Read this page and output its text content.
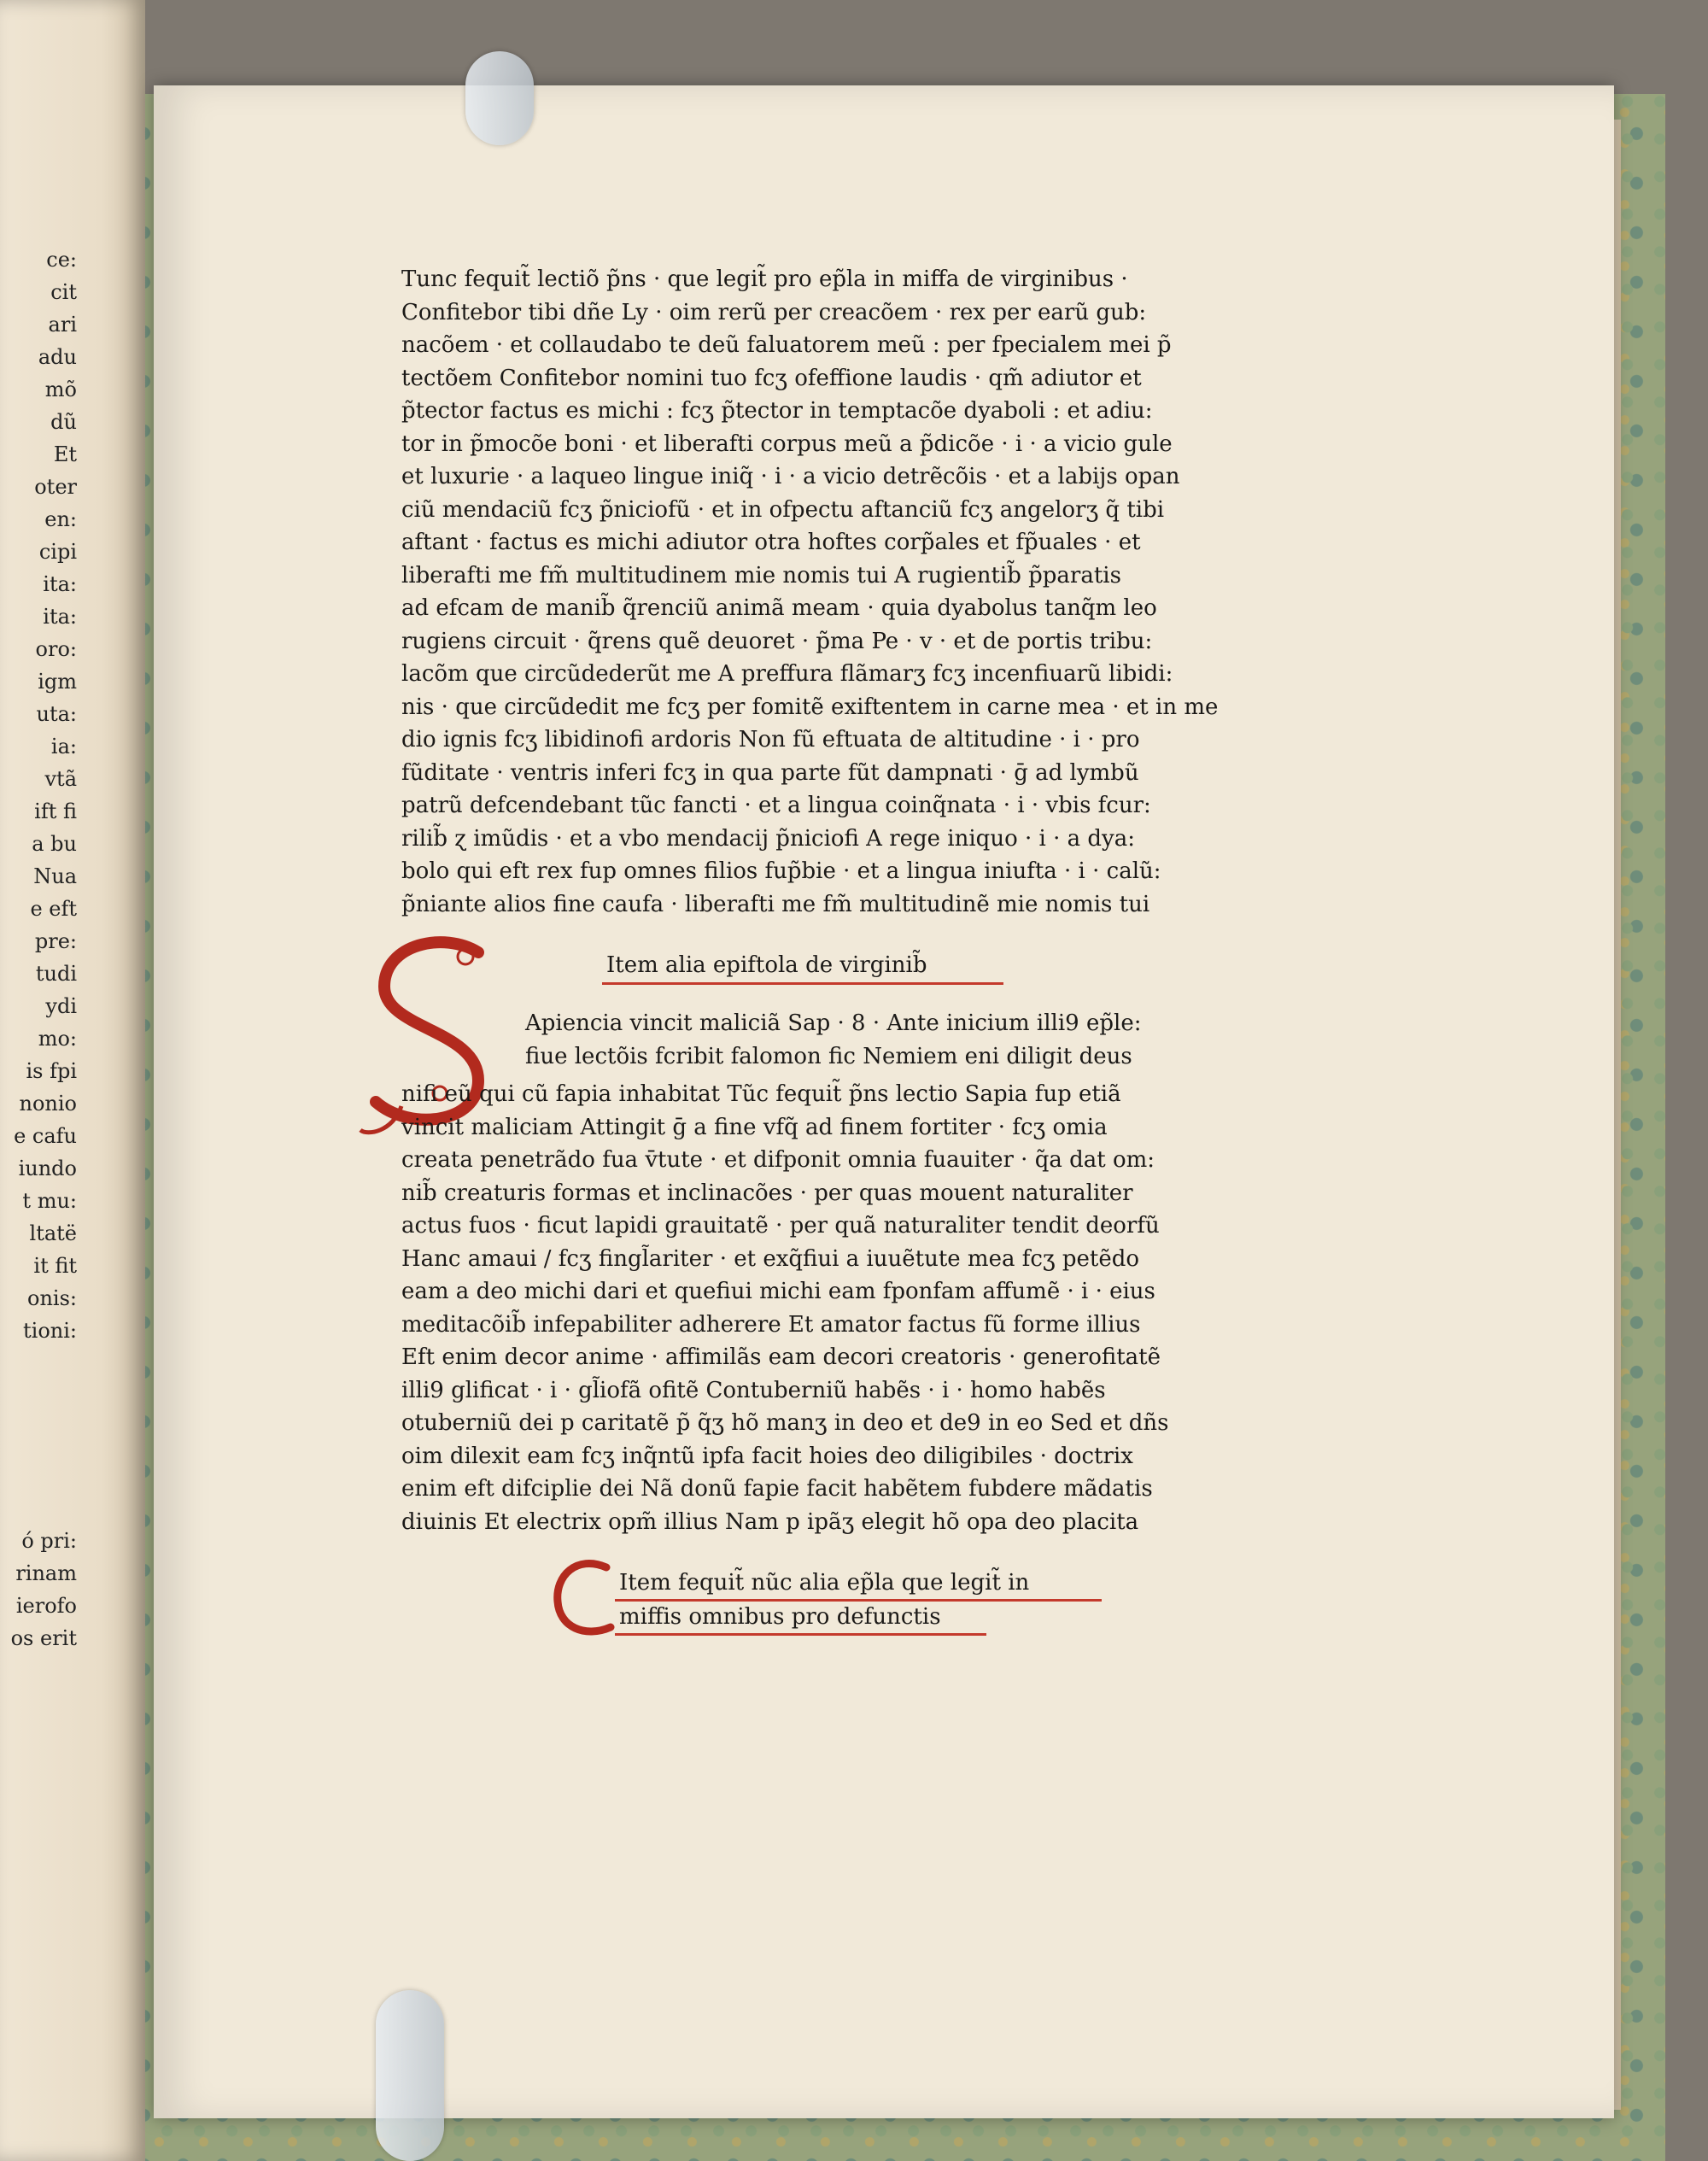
ce:
cit
ari
adu
mõ
dũ
Et
oter
en:
cipi
ita:
ita:
oro:
igm
uta:
ia:
vtã
ift fi
a bu
Nua
e eft
pre:
tudi
ydi
mo:
is fpi
nonio
e cafu
iundo
t mu:
ltatë
it fit
onis:
tioni:
ó pri:
rinam
ierofo
os erit
Tunc fequit̃ lectiõ p̃ns · que legit̃ pro ep̃la in miffa de virginibus ·
Confitebor tibi dñe Ly · oim rerũ per creacõem · rex per earũ gub:
nacõem · et collaudabo te deũ faluatorem meũ : per fpecialem mei p̃
tectõem Confitebor nomini tuo fcʒ ofeffione laudis · qm̃ adiutor et
p̃tector factus es michi : fcʒ p̃tector in temptacõe dyaboli : et adiu:
tor in p̃mocõe boni · et liberafti corpus meũ a p̃dicõe · i · a vicio gule
et luxurie · a laqueo lingue iniq̃ · i · a vicio detrẽcõis · et a labijs opan
ciũ mendaciũ fcʒ p̃niciofũ · et in ofpectu aftanciũ fcʒ angelorʒ q̃ tibi
aftant · factus es michi adiutor otra hoftes corp̃ales et fp̃uales · et
liberafti me fm̃ multitudinem mie nomis tui A rugientib̃ p̃paratis
ad efcam de manib̃ q̃renciũ animã meam · quia dyabolus tanq̃m leo
rugiens circuit · q̃rens quẽ deuoret · p̃ma Pe · v · et de portis tribu:
lacõm que circũdederũt me A preffura flãmarʒ fcʒ incenfiuarũ libidi:
nis · que circũdedit me fcʒ per fomitẽ exiftentem in carne mea · et in me
dio ignis fcʒ libidinofi ardoris Non fũ eftuata de altitudine · i · pro
fũditate · ventris inferi fcʒ in qua parte fũt dampnati · ḡ ad lymbũ
patrũ defcendebant tũc fancti · et a lingua coinq̃nata · i · vbis fcur:
rilib̃ ɀ imũdis · et a vbo mendacij p̃niciofi A rege iniquo · i · a dya:
bolo qui eft rex fup omnes filios fup̃bie · et a lingua iniufta · i · calũ:
p̃niante alios fine caufa · liberafti me fm̃ multitudinẽ mie nomis tui
Item alia epiftola de virginib̃
Apiencia vincit maliciã Sap · 8 · Ante inicium illi9 ep̃le:
fiue lectõis fcribit falomon fic Nemiem eni diligit deus
nifi eũ qui cũ fapia inhabitat Tũc fequit̃ p̃ns lectio Sapia fup etiã
vincit maliciam Attingit ḡ a fine vfq̃ ad finem fortiter · fcʒ omia
creata penetrãdo fua v̄tute · et difponit omnia fuauiter · q̃a dat om:
nib̃ creaturis formas et inclinacões · per quas mouent naturaliter
actus fuos · ficut lapidi grauitatẽ · per quã naturaliter tendit deorfũ
Hanc amaui / fcʒ fingl̃ariter · et exq̃fiui a iuuẽtute mea fcʒ petẽdo
eam a deo michi dari et quefiui michi eam fponfam affumẽ · i · eius
meditacõib̃ infepabiliter adherere Et amator factus fũ forme illius
Eft enim decor anime · affimilãs eam decori creatoris · generofitatẽ
illi9 glificat · i · gl̃iofã ofitẽ Contuberniũ habẽs · i · homo habẽs
otuberniũ dei p caritatẽ p̃ q̃ʒ hõ manʒ in deo et de9 in eo Sed et dñs
oim dilexit eam fcʒ inq̃ntũ ipfa facit hoies deo diligibiles · doctrix
enim eft difciplie dei Nã donũ fapie facit habẽtem fubdere mãdatis
diuinis Et electrix opm̃ illius Nam p ipãʒ elegit hõ opa deo placita
Item fequit̃ nũc alia ep̃la que legit̃ in
miffis omnibus pro defunctis
